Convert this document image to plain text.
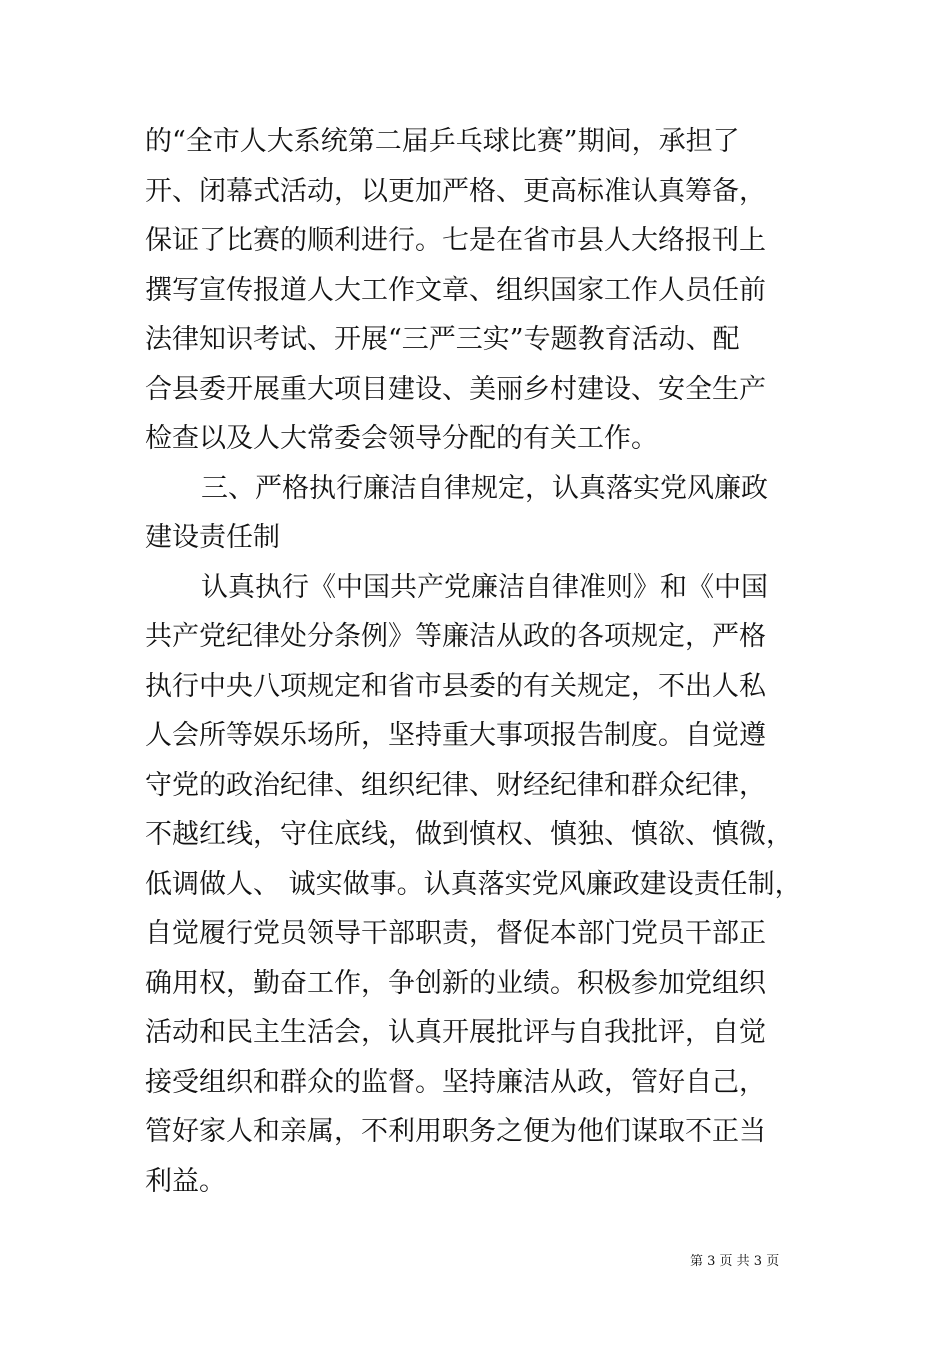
的“全市人大系统第二届乒乓球比赛”期间，承担了
开、闭幕式活动，以更加严格、更高标准认真筹备，
保证了比赛的顺利进行。七是在省市县人大络报刊上
撰写宣传报道人大工作文章、组织国家工作人员任前
法律知识考试、开展“三严三实”专题教育活动、配
合县委开展重大项目建设、美丽乡村建设、安全生产
检查以及人大常委会领导分配的有关工作。
三、严格执行廉洁自律规定，认真落实党风廉政
建设责任制
认真执行《中国共产党廉洁自律准则》和《中国
共产党纪律处分条例》等廉洁从政的各项规定，严格
执行中央八项规定和省市县委的有关规定，不出人私
人会所等娱乐场所，坚持重大事项报告制度。自觉遵
守党的政治纪律、组织纪律、财经纪律和群众纪律，
不越红线，守住底线，做到慎权、慎独、慎欲、慎微，
低调做人、 诚实做事。认真落实党风廉政建设责任制，
自觉履行党员领导干部职责，督促本部门党员干部正
确用权，勤奋工作，争创新的业绩。积极参加党组织
活动和民主生活会，认真开展批评与自我批评，自觉
接受组织和群众的监督。坚持廉洁从政，管好自己，
管好家人和亲属，不利用职务之便为他们谋取不正当
利益。
第 3 页 共 3 页
